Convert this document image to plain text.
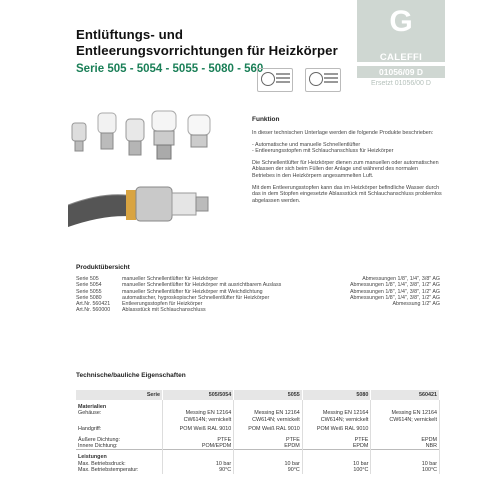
Entlüftungs- und
Entleerungsvorrichtungen für Heizkörper
Serie 505 - 5054 - 5055 - 5080 - 560
G
CALEFFI
01056/09 D
Ersetzt 01056/00 D
Funktion

In dieser technischen Unterlage werden die folgende Produkte beschrieben:

- Automatische und manuelle Schnellentlüfter

- Entleerungsstopfen mit Schlauchanschluss für Heizkörper

Die Schnellentlüfter für Heizkörper dienen zum manuellen oder automatischen Ablassen der sich beim Füllen der Anlage und während des normalen Betriebes in den Heizkörpern angesammelten Luft.

Mit dem Entleerungsstopfen kann das im Heizkörper befindliche Wasser durch das in dem Stopfen eingesetzte Ablassstück mit Schlauchanschluss problemlos abgelassen werden.

Produktübersicht
Serie 505	manueller Schnellentlüfter für Heizkörper	Abmessungen 1/8", 1/4", 3/8" AG
Serie 5054	manueller Schnellentlüfter für Heizkörper mit ausrichtbarem Auslass	Abmessungen 1/8", 1/4", 3/8", 1/2" AG
Serie 5055	manueller Schnellentlüfter für Heizkörper mit Weichdichtung	Abmessungen 1/8", 1/4", 3/8", 1/2" AG
Serie 5080	automatischer, hygroskopischer Schnellentlüfter für Heizkörper	Abmessungen 1/8", 1/4", 3/8", 1/2" AG
Art.Nr. 560421	Entleerungsstopfen für Heizkörper	Abmessung 1/2" AG
Art.Nr. 560000	Ablassstück mit Schlauchanschluss	
Technische/bauliche Eigenschaften
Serie	505/5054	5055	5080	560421
Materialien				
Gehäuse:	Messing EN 12164 CW614N; vernickelt	Messing EN 12164 CW614N; vernickelt	Messing EN 12164 CW614N; vernickelt	Messing EN 12164 CW614N; vernickelt
Handgriff:	POM Weiß RAL 9010	POM Weiß RAL 9010	POM Weiß RAL 9010	
Äußere Dichtung:	PTFE	PTFE	PTFE	EPDM
Innere Dichtung:	POM/EPDM	EPDM	EPDM	NBR
Leistungen				
Max. Betriebsdruck:	10 bar	10 bar	10 bar	10 bar
Max. Betriebstemperatur:	90°C	90°C	100°C	100°C
